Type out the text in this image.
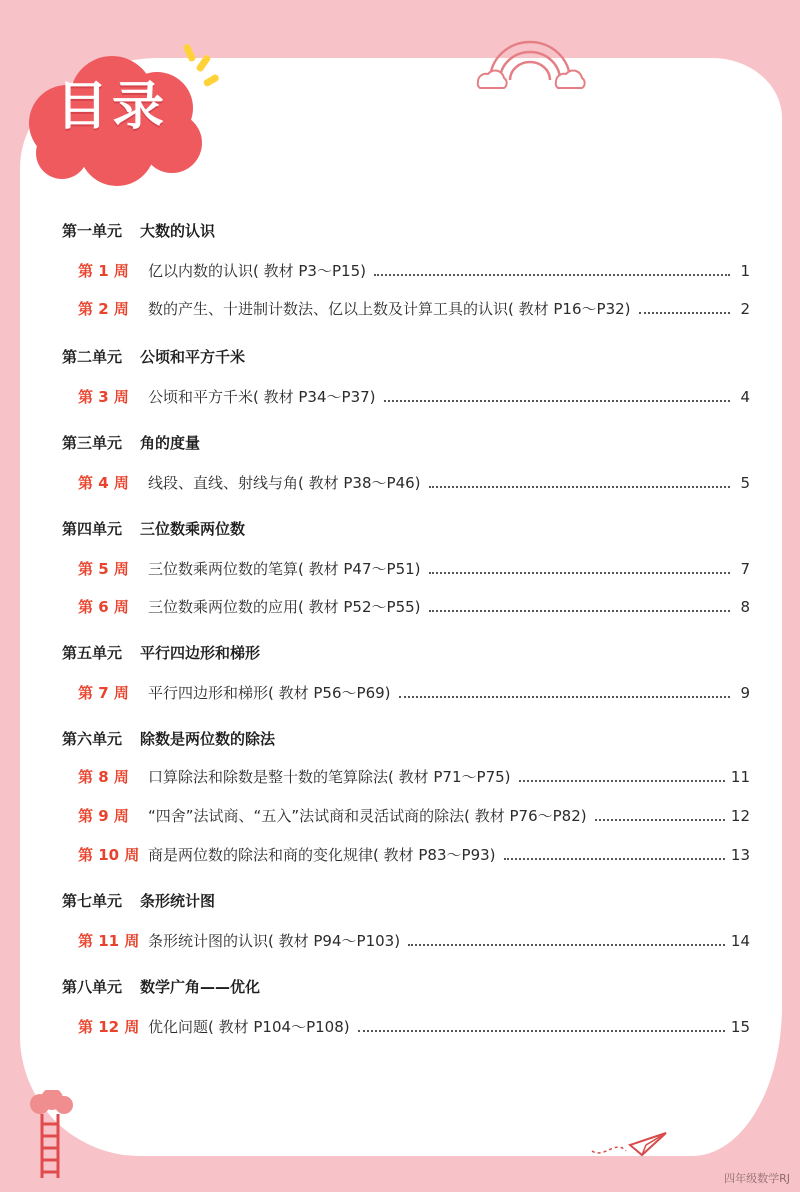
目录
第一单元 大数的认识
第 1 周	亿以内数的认识( 教材 P3～P15)	1
第 2 周	数的产生、十进制计数法、亿以上数及计算工具的认识( 教材 P16～P32)	2
第二单元 公顷和平方千米
第 3 周	公顷和平方千米( 教材 P34～P37)	4
第三单元 角的度量
第 4 周	线段、直线、射线与角( 教材 P38～P46)	5
第四单元 三位数乘两位数
第 5 周	三位数乘两位数的笔算( 教材 P47～P51)	7
第 6 周	三位数乘两位数的应用( 教材 P52～P55)	8
第五单元 平行四边形和梯形
第 7 周	平行四边形和梯形( 教材 P56～P69)	9
第六单元 除数是两位数的除法
第 8 周	口算除法和除数是整十数的笔算除法( 教材 P71～P75)	11
第 9 周	“四舍”法试商、“五入”法试商和灵活试商的除法( 教材 P76～P82)	12
第 10 周 商是两位数的除法和商的变化规律( 教材 P83～P93)	13
第七单元 条形统计图
第 11 周 条形统计图的认识( 教材 P94～P103)	14
第八单元 数学广角——优化
第 12 周 优化问题( 教材 P104～P108)	15
四年级数学RJ
